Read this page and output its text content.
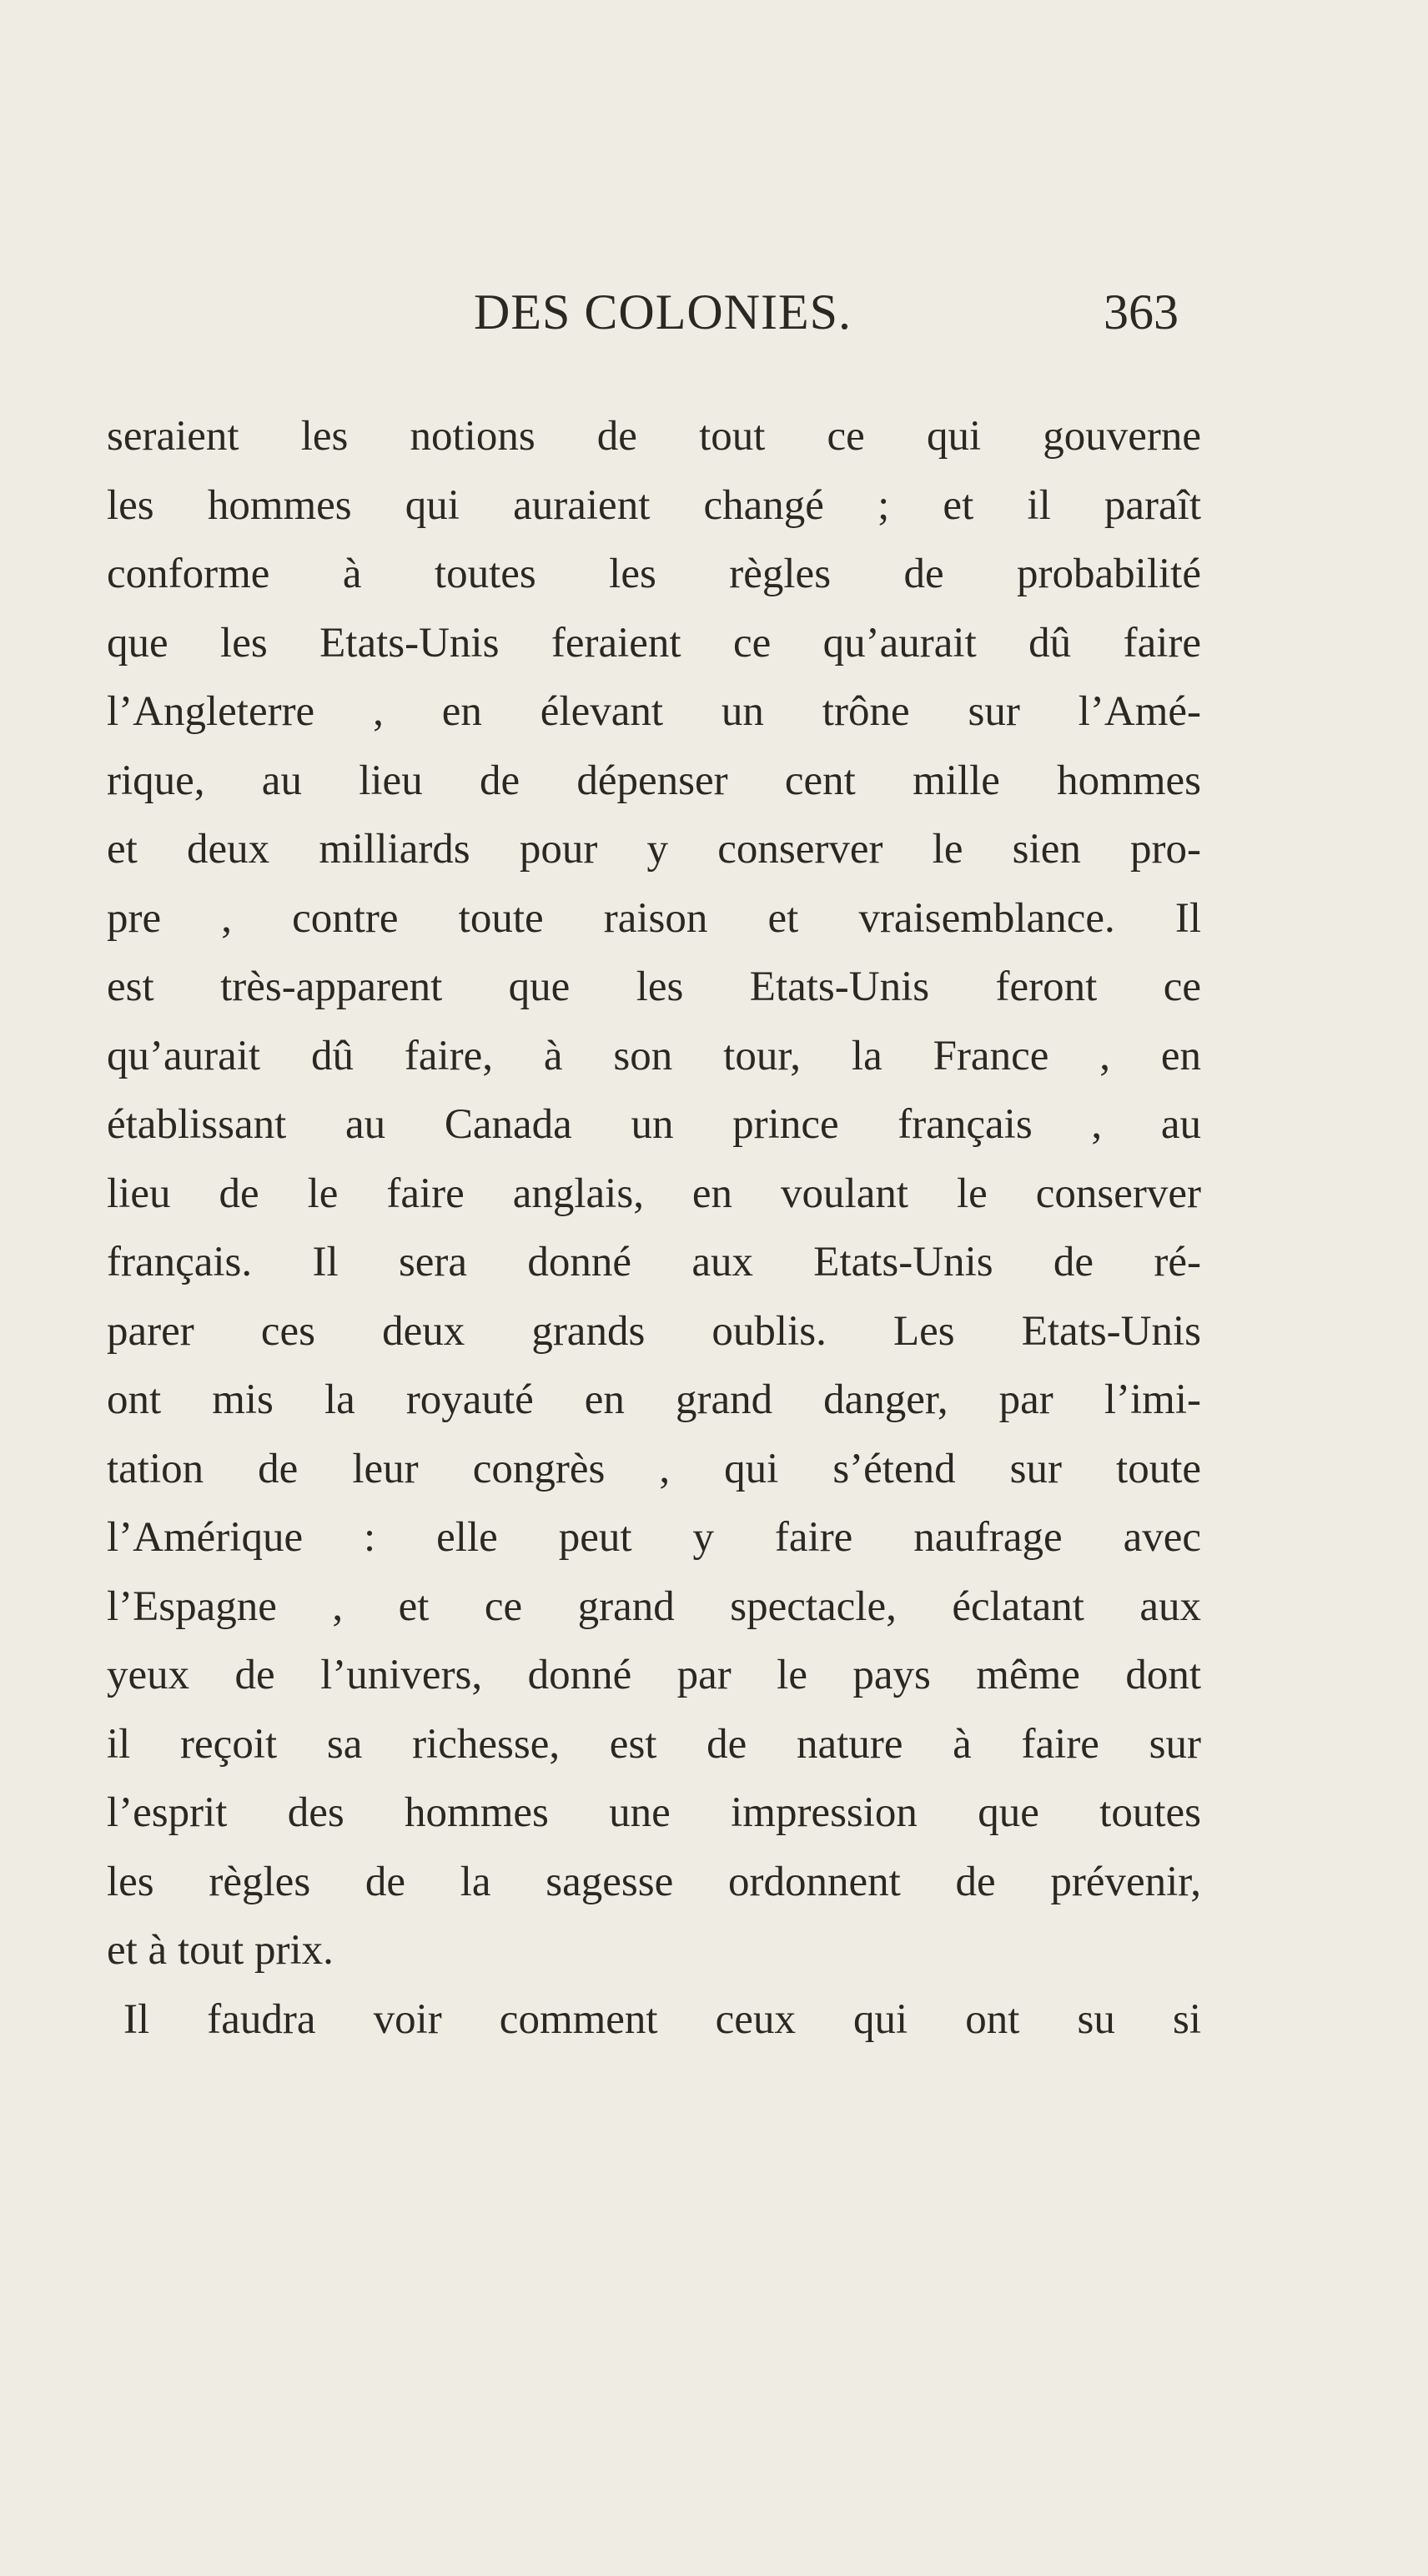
DES COLONIES.	363
seraient les notions de tout ce qui gouverne
les hommes qui auraient changé ; et il paraît
conforme à toutes les règles de probabilité
que les Etats-Unis feraient ce qu’aurait dû faire
l’Angleterre , en élevant un trône sur l’Amé-
rique, au lieu de dépenser cent mille hommes
et deux milliards pour y conserver le sien pro-
pre , contre toute raison et vraisemblance. Il
est très-apparent que les Etats-Unis feront ce
qu’aurait dû faire, à son tour, la France , en
établissant au Canada un prince français , au
lieu de le faire anglais, en voulant le conserver
français. Il sera donné aux Etats-Unis de ré-
parer ces deux grands oublis. Les Etats-Unis
ont mis la royauté en grand danger, par l’imi-
tation de leur congrès , qui s’étend sur toute
l’Amérique : elle peut y faire naufrage avec
l’Espagne , et ce grand spectacle, éclatant aux
yeux de l’univers, donné par le pays même dont
il reçoit sa richesse, est de nature à faire sur
l’esprit des hommes une impression que toutes
les règles de la sagesse ordonnent de prévenir,
et à tout prix.
Il faudra voir comment ceux qui ont su si
